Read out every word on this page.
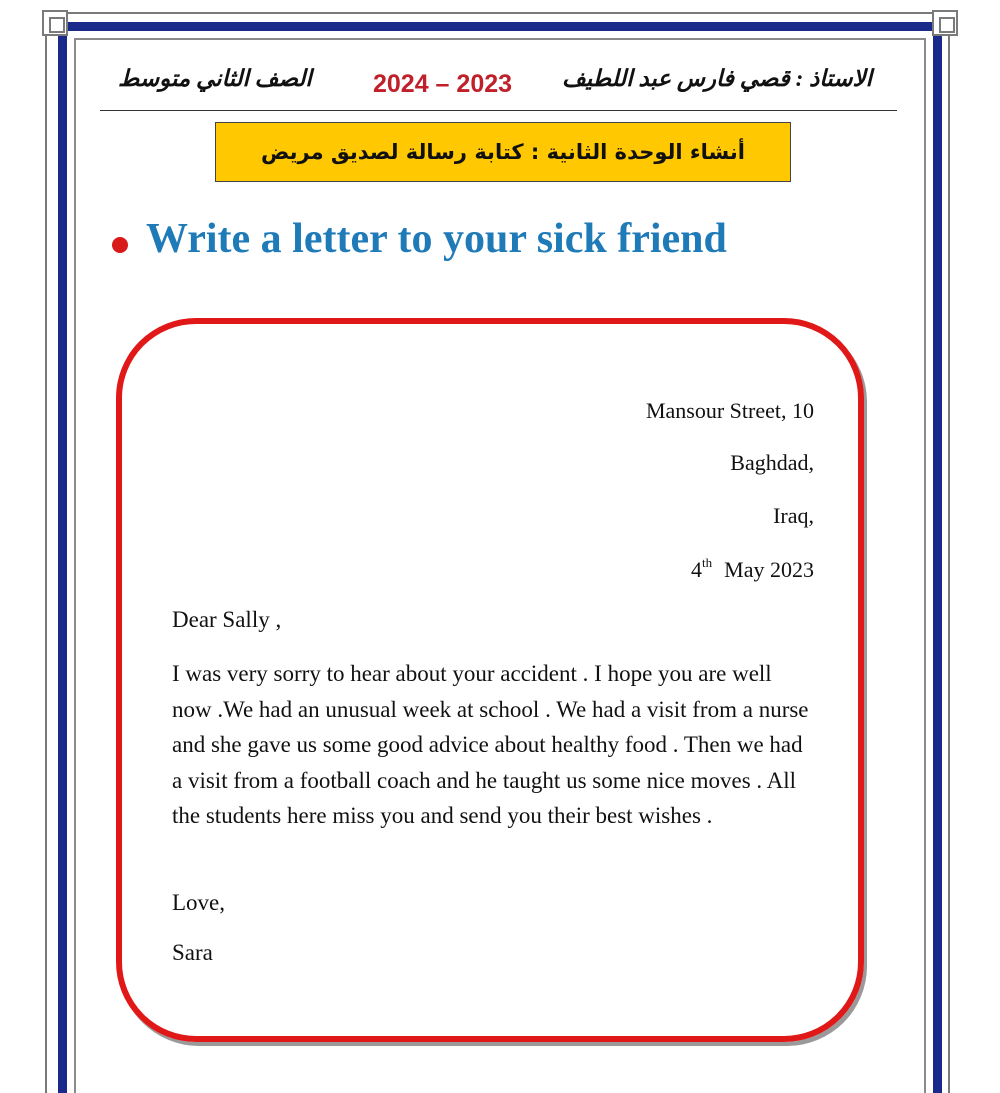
الاستاذ : قصي فارس عبد اللطيف
2024 – 2023
الصف الثاني متوسط
أنشاء الوحدة الثانية : كتابة رسالة لصديق مريض
Write a letter to your sick friend
Mansour Street, 10
Baghdad,
Iraq,
4th May 2023
Dear Sally ,
I was very sorry to hear about your accident . I hope you are well now .We had an unusual week at school . We had a visit from a nurse and she gave us some good advice about healthy food . Then we had a visit from a football coach and he taught us some nice moves . All the students here miss you and send you their best wishes .
Love,
Sara
